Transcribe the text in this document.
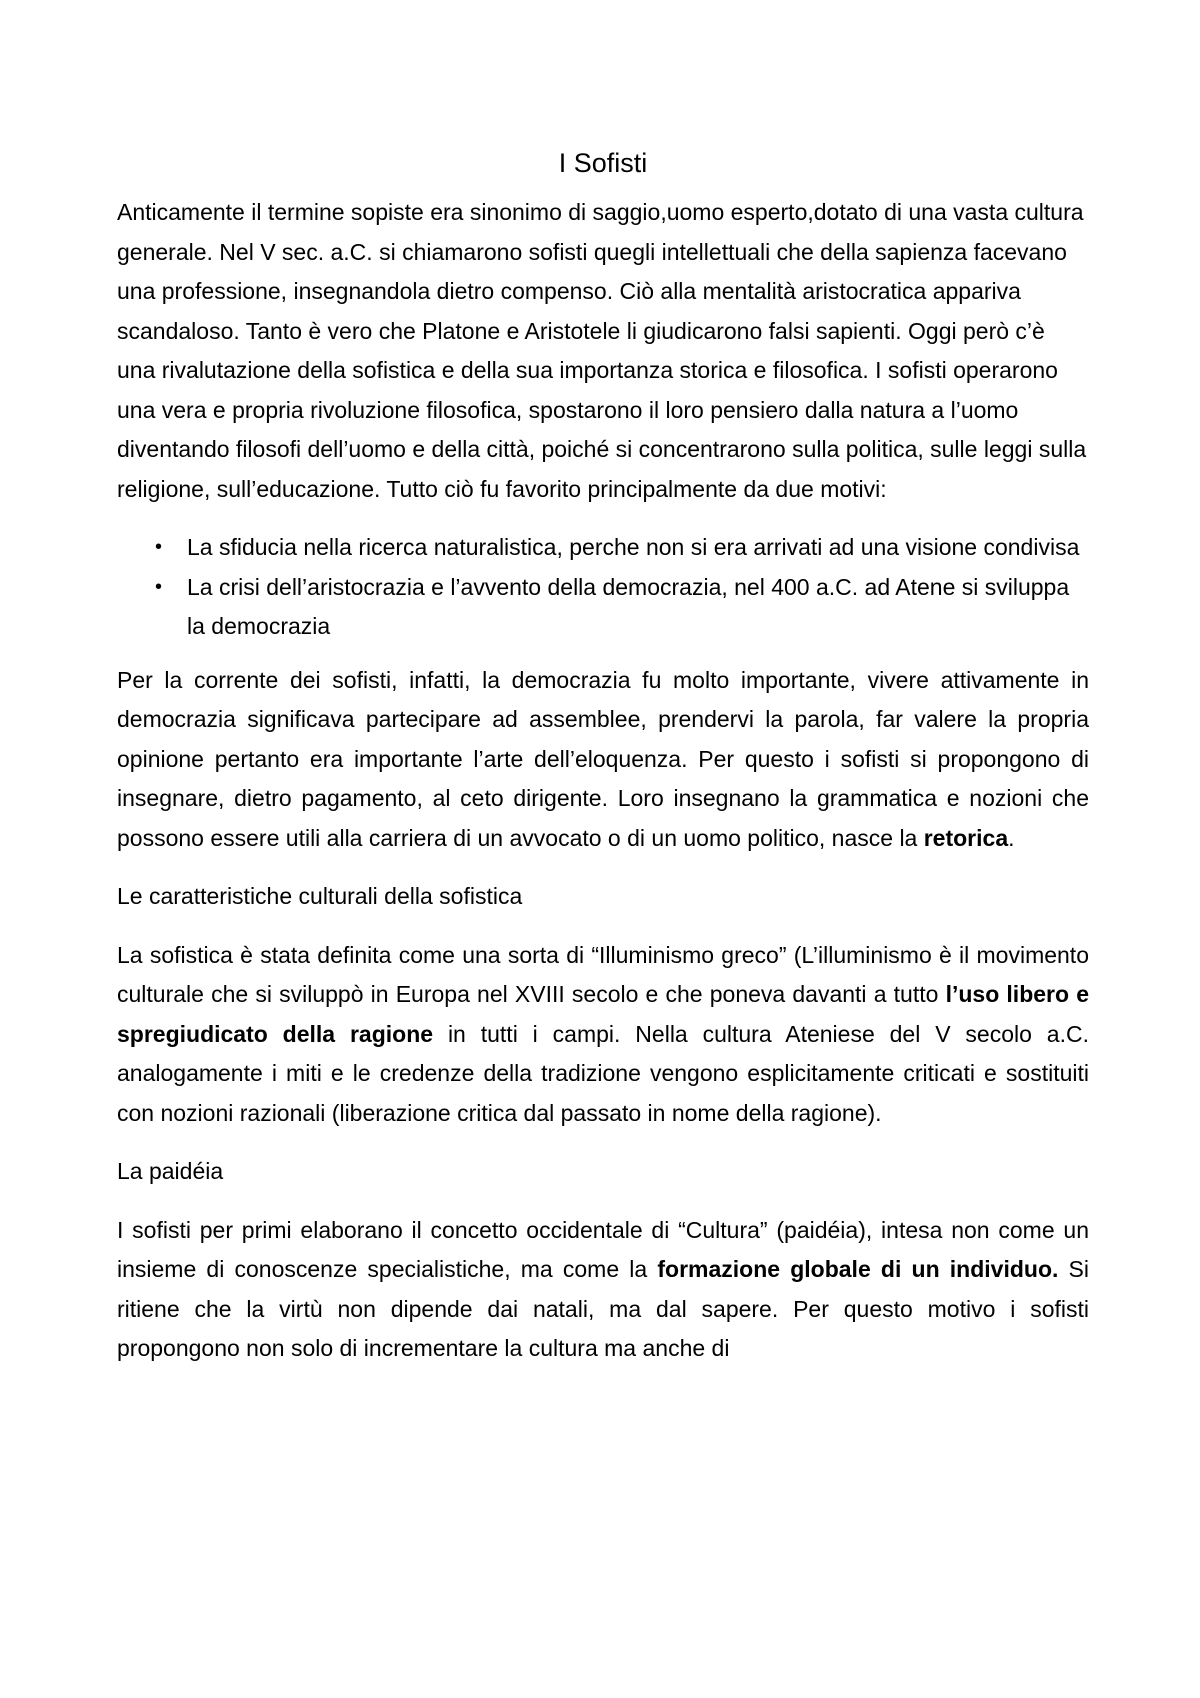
I Sofisti

Anticamente il termine sopiste era sinonimo di saggio,uomo esperto,dotato di una vasta cultura generale. Nel V sec. a.C. si chiamarono sofisti quegli intellettuali che della sapienza facevano una professione, insegnandola dietro compenso. Ciò alla mentalità aristocratica appariva scandaloso. Tanto è vero che Platone e Aristotele li giudicarono falsi sapienti. Oggi però c’è una rivalutazione della sofistica e della sua importanza storica e filosofica. I sofisti operarono una vera e propria rivoluzione filosofica, spostarono il loro pensiero dalla natura a l’uomo diventando filosofi dell’uomo e della città, poiché si concentrarono sulla politica, sulle leggi sulla religione, sull’educazione. Tutto ciò fu favorito principalmente da due motivi:

• La sfiducia nella ricerca naturalistica, perche non si era arrivati ad una visione condivisa
• La crisi dell’aristocrazia e l’avvento della democrazia, nel 400 a.C. ad Atene si sviluppa la democrazia

Per la corrente dei sofisti, infatti, la democrazia fu molto importante, vivere attivamente in democrazia significava partecipare ad assemblee, prendervi la parola, far valere la propria opinione pertanto era importante l’arte dell’eloquenza. Per questo i sofisti si propongono di insegnare, dietro pagamento, al ceto dirigente. Loro insegnano la grammatica e nozioni che possono essere utili alla carriera di un avvocato o di un uomo politico, nasce la retorica.

Le caratteristiche culturali della sofistica

La sofistica è stata definita come una sorta di “Illuminismo greco” (L’illuminismo è il movimento culturale che si sviluppò in Europa nel XVIII secolo e che poneva davanti a tutto l’uso libero e spregiudicato della ragione in tutti i campi. Nella cultura Ateniese del V secolo a.C. analogamente i miti e le credenze della tradizione vengono esplicitamente criticati e sostituiti con nozioni razionali (liberazione critica dal passato in nome della ragione).

La paidéia

I sofisti per primi elaborano il concetto occidentale di “Cultura” (paidéia), intesa non come un insieme di conoscenze specialistiche, ma come la formazione globale di un individuo. Si ritiene che la virtù non dipende dai natali, ma dal sapere. Per questo motivo i sofisti propongono non solo di incrementare la cultura ma anche di
